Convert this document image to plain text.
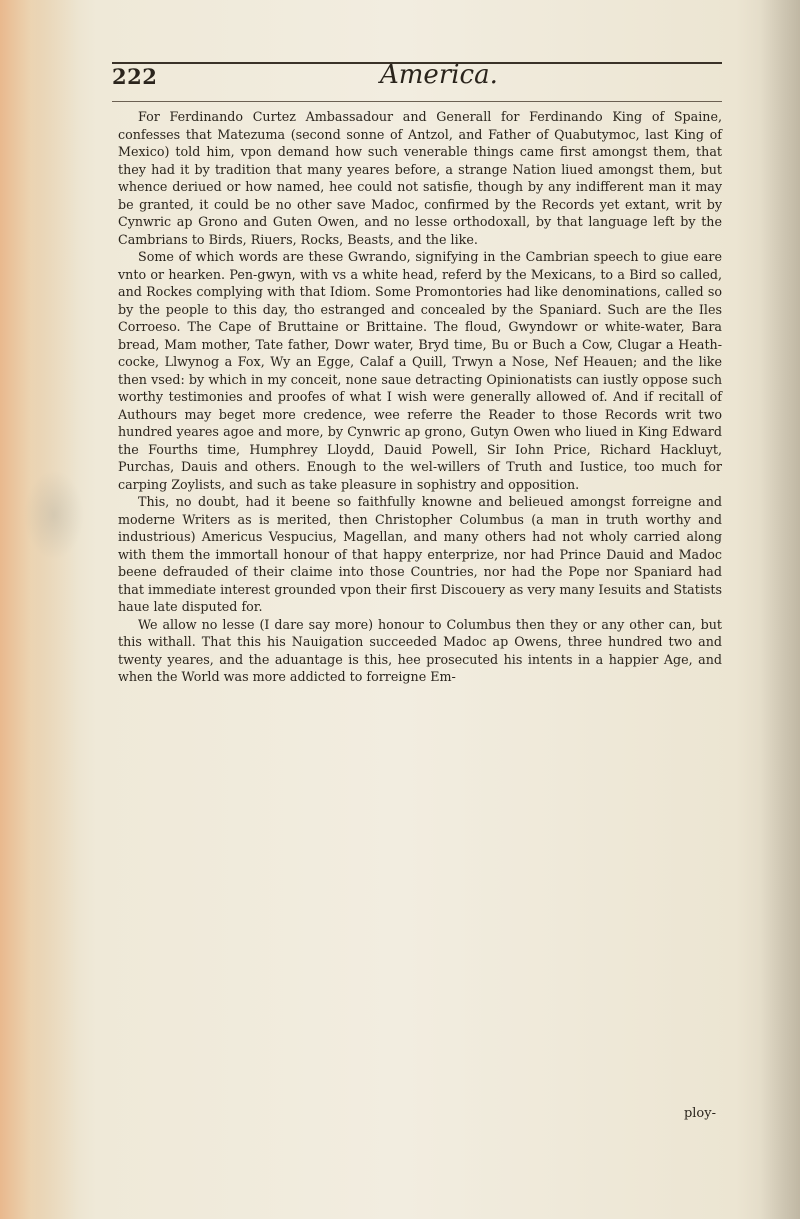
222	America.

For Ferdinando Curtez Ambassadour and Generall for Ferdinando King of Spaine, confesses that Matezuma (second sonne of Antzol, and Father of Quabutymoc, last King of Mexico) told him, vpon demand how such venerable things came first amongst them, that they had it by tradition that many yeares before, a strange Nation liued amongst them, but whence deriued or how named, hee could not satisfie, though by any indifferent man it may be granted, it could be no other save Madoc, confirmed by the Records yet extant, writ by Cynwric ap Grono and Guten Owen, and no lesse orthodoxall, by that language left by the Cambrians to Birds, Riuers, Rocks, Beasts, and the like.

Some of which words are these Gwrando, signifying in the Cambrian speech to giue eare vnto or hearken. Pen-gwyn, with vs a white head, referd by the Mexicans, to a Bird so called, and Rockes complying with that Idiom. Some Promontories had like denominations, called so by the people to this day, tho estranged and concealed by the Spaniard. Such are the Iles Corroeso. The Cape of Bruttaine or Brittaine. The floud, Gwyndowr or white-water, Bara bread, Mam mother, Tate father, Dowr water, Bryd time, Bu or Buch a Cow, Clugar a Heath-cocke, Llwynog a Fox, Wy an Egge, Calaf a Quill, Trwyn a Nose, Nef Heauen; and the like then vsed: by which in my conceit, none saue detracting Opinionatists can iustly oppose such worthy testimonies and proofes of what I wish were generally allowed of. And if recitall of Authours may beget more credence, wee referre the Reader to those Records writ two hundred yeares agoe and more, by Cynwric ap grono, Gutyn Owen who liued in King Edward the Fourths time, Humphrey Lloydd, Dauid Powell, Sir Iohn Price, Richard Hackluyt, Purchas, Dauis and others. Enough to the wel-willers of Truth and Iustice, too much for carping Zoylists, and such as take pleasure in sophistry and opposition.

This, no doubt, had it beene so faithfully knowne and belieued amongst forreigne and moderne Writers as is merited, then Christopher Columbus (a man in truth worthy and industrious) Americus Vespucius, Magellan, and many others had not wholy carried along with them the immortall honour of that happy enterprize, nor had Prince Dauid and Madoc beene defrauded of their claime into those Countries, nor had the Pope nor Spaniard had that immediate interest grounded vpon their first Discouery as very many Iesuits and Statists haue late disputed for.

We allow no lesse (I dare say more) honour to Columbus then they or any other can, but this withall. That this his Nauigation succeeded Madoc ap Owens, three hundred two and twenty yeares, and the aduantage is this, hee prosecuted his intents in a happier Age, and when the World was more addicted to forreigne Em-

ploy-
